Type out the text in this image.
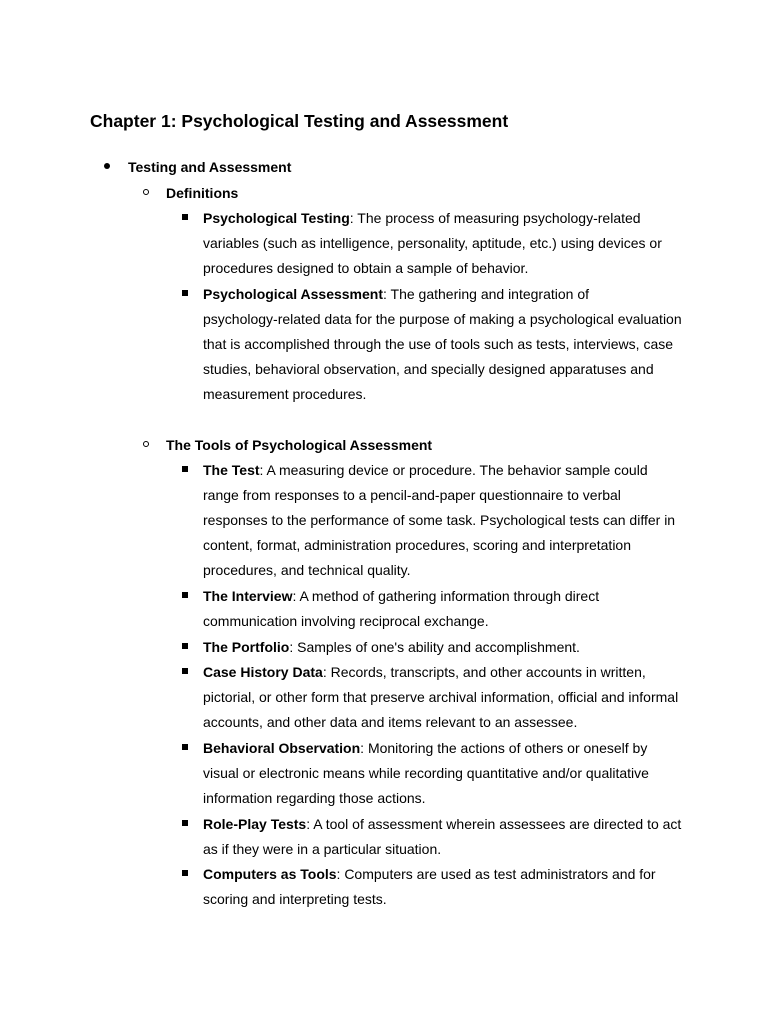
Chapter 1: Psychological Testing and Assessment
Testing and Assessment
Definitions
Psychological Testing: The process of measuring psychology-related
variables (such as intelligence, personality, aptitude, etc.) using devices or
procedures designed to obtain a sample of behavior.
Psychological Assessment: The gathering and integration of
psychology-related data for the purpose of making a psychological evaluation
that is accomplished through the use of tools such as tests, interviews, case
studies, behavioral observation, and specially designed apparatuses and
measurement procedures.
The Tools of Psychological Assessment
The Test: A measuring device or procedure. The behavior sample could
range from responses to a pencil-and-paper questionnaire to verbal
responses to the performance of some task. Psychological tests can differ in
content, format, administration procedures, scoring and interpretation
procedures, and technical quality.
The Interview: A method of gathering information through direct
communication involving reciprocal exchange.
The Portfolio: Samples of one's ability and accomplishment.
Case History Data: Records, transcripts, and other accounts in written,
pictorial, or other form that preserve archival information, official and informal
accounts, and other data and items relevant to an assessee.
Behavioral Observation: Monitoring the actions of others or oneself by
visual or electronic means while recording quantitative and/or qualitative
information regarding those actions.
Role-Play Tests: A tool of assessment wherein assessees are directed to act
as if they were in a particular situation.
Computers as Tools: Computers are used as test administrators and for
scoring and interpreting tests.
